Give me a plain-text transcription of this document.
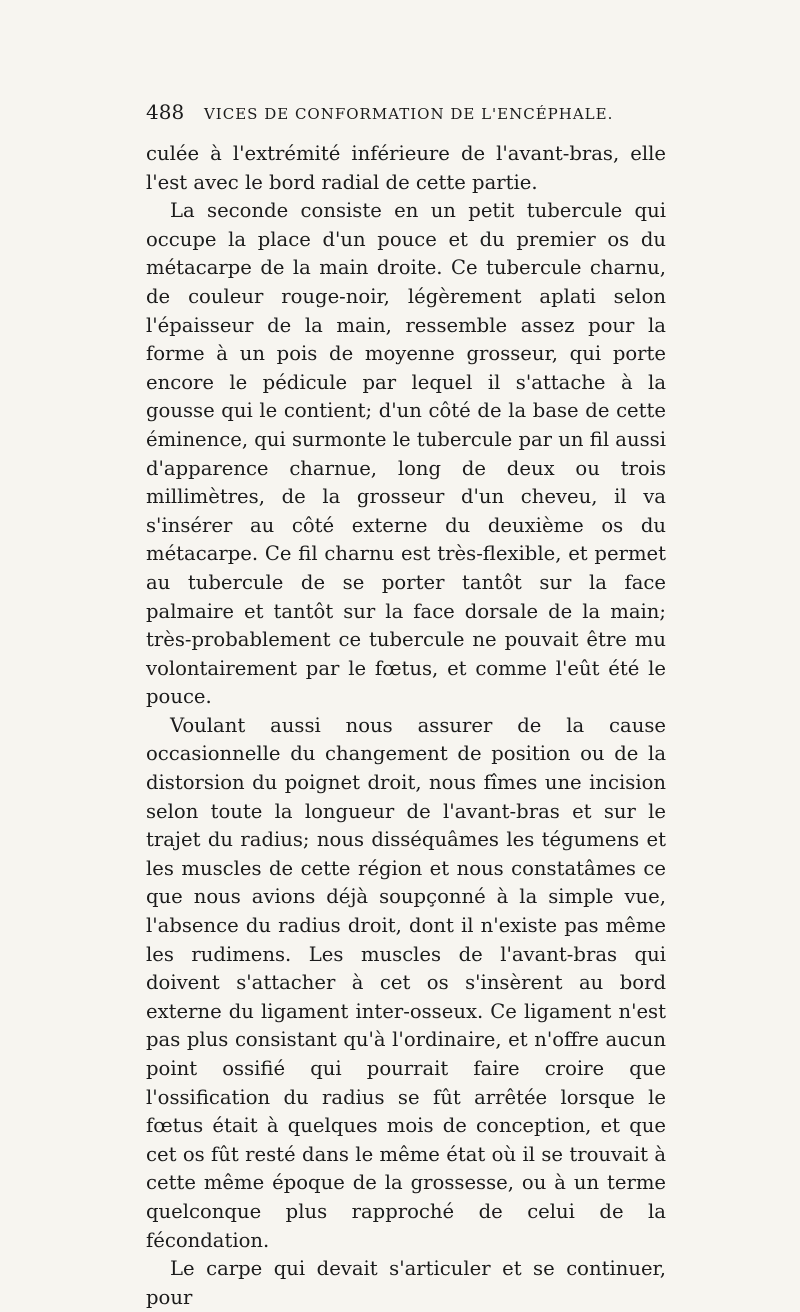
488 VICES DE CONFORMATION DE L'ENCÉPHALE.

culée à l'extrémité inférieure de l'avant-bras, elle l'est avec le bord radial de cette partie.

La seconde consiste en un petit tubercule qui occupe la place d'un pouce et du premier os du métacarpe de la main droite. Ce tubercule charnu, de couleur rouge-noir, légèrement aplati selon l'épaisseur de la main, ressemble assez pour la forme à un pois de moyenne grosseur, qui porte encore le pédicule par lequel il s'attache à la gousse qui le contient; d'un côté de la base de cette éminence, qui surmonte le tubercule par un fil aussi d'apparence charnue, long de deux ou trois millimètres, de la grosseur d'un cheveu, il va s'insérer au côté externe du deuxième os du métacarpe. Ce fil charnu est très-flexible, et permet au tubercule de se porter tantôt sur la face palmaire et tantôt sur la face dorsale de la main; très-probablement ce tubercule ne pouvait être mu volontairement par le fœtus, et comme l'eût été le pouce.

Voulant aussi nous assurer de la cause occasionnelle du changement de position ou de la distorsion du poignet droit, nous fîmes une incision selon toute la longueur de l'avant-bras et sur le trajet du radius; nous disséquâmes les tégumens et les muscles de cette région et nous constatâmes ce que nous avions déjà soupçonné à la simple vue, l'absence du radius droit, dont il n'existe pas même les rudimens. Les muscles de l'avant-bras qui doivent s'attacher à cet os s'insèrent au bord externe du ligament inter-osseux. Ce ligament n'est pas plus consistant qu'à l'ordinaire, et n'offre aucun point ossifié qui pourrait faire croire que l'ossification du radius se fût arrêtée lorsque le fœtus était à quelques mois de conception, et que cet os fût resté dans le même état où il se trouvait à cette même époque de la grossesse, ou à un terme quelconque plus rapproché de celui de la fécondation.

Le carpe qui devait s'articuler et se continuer, pour
